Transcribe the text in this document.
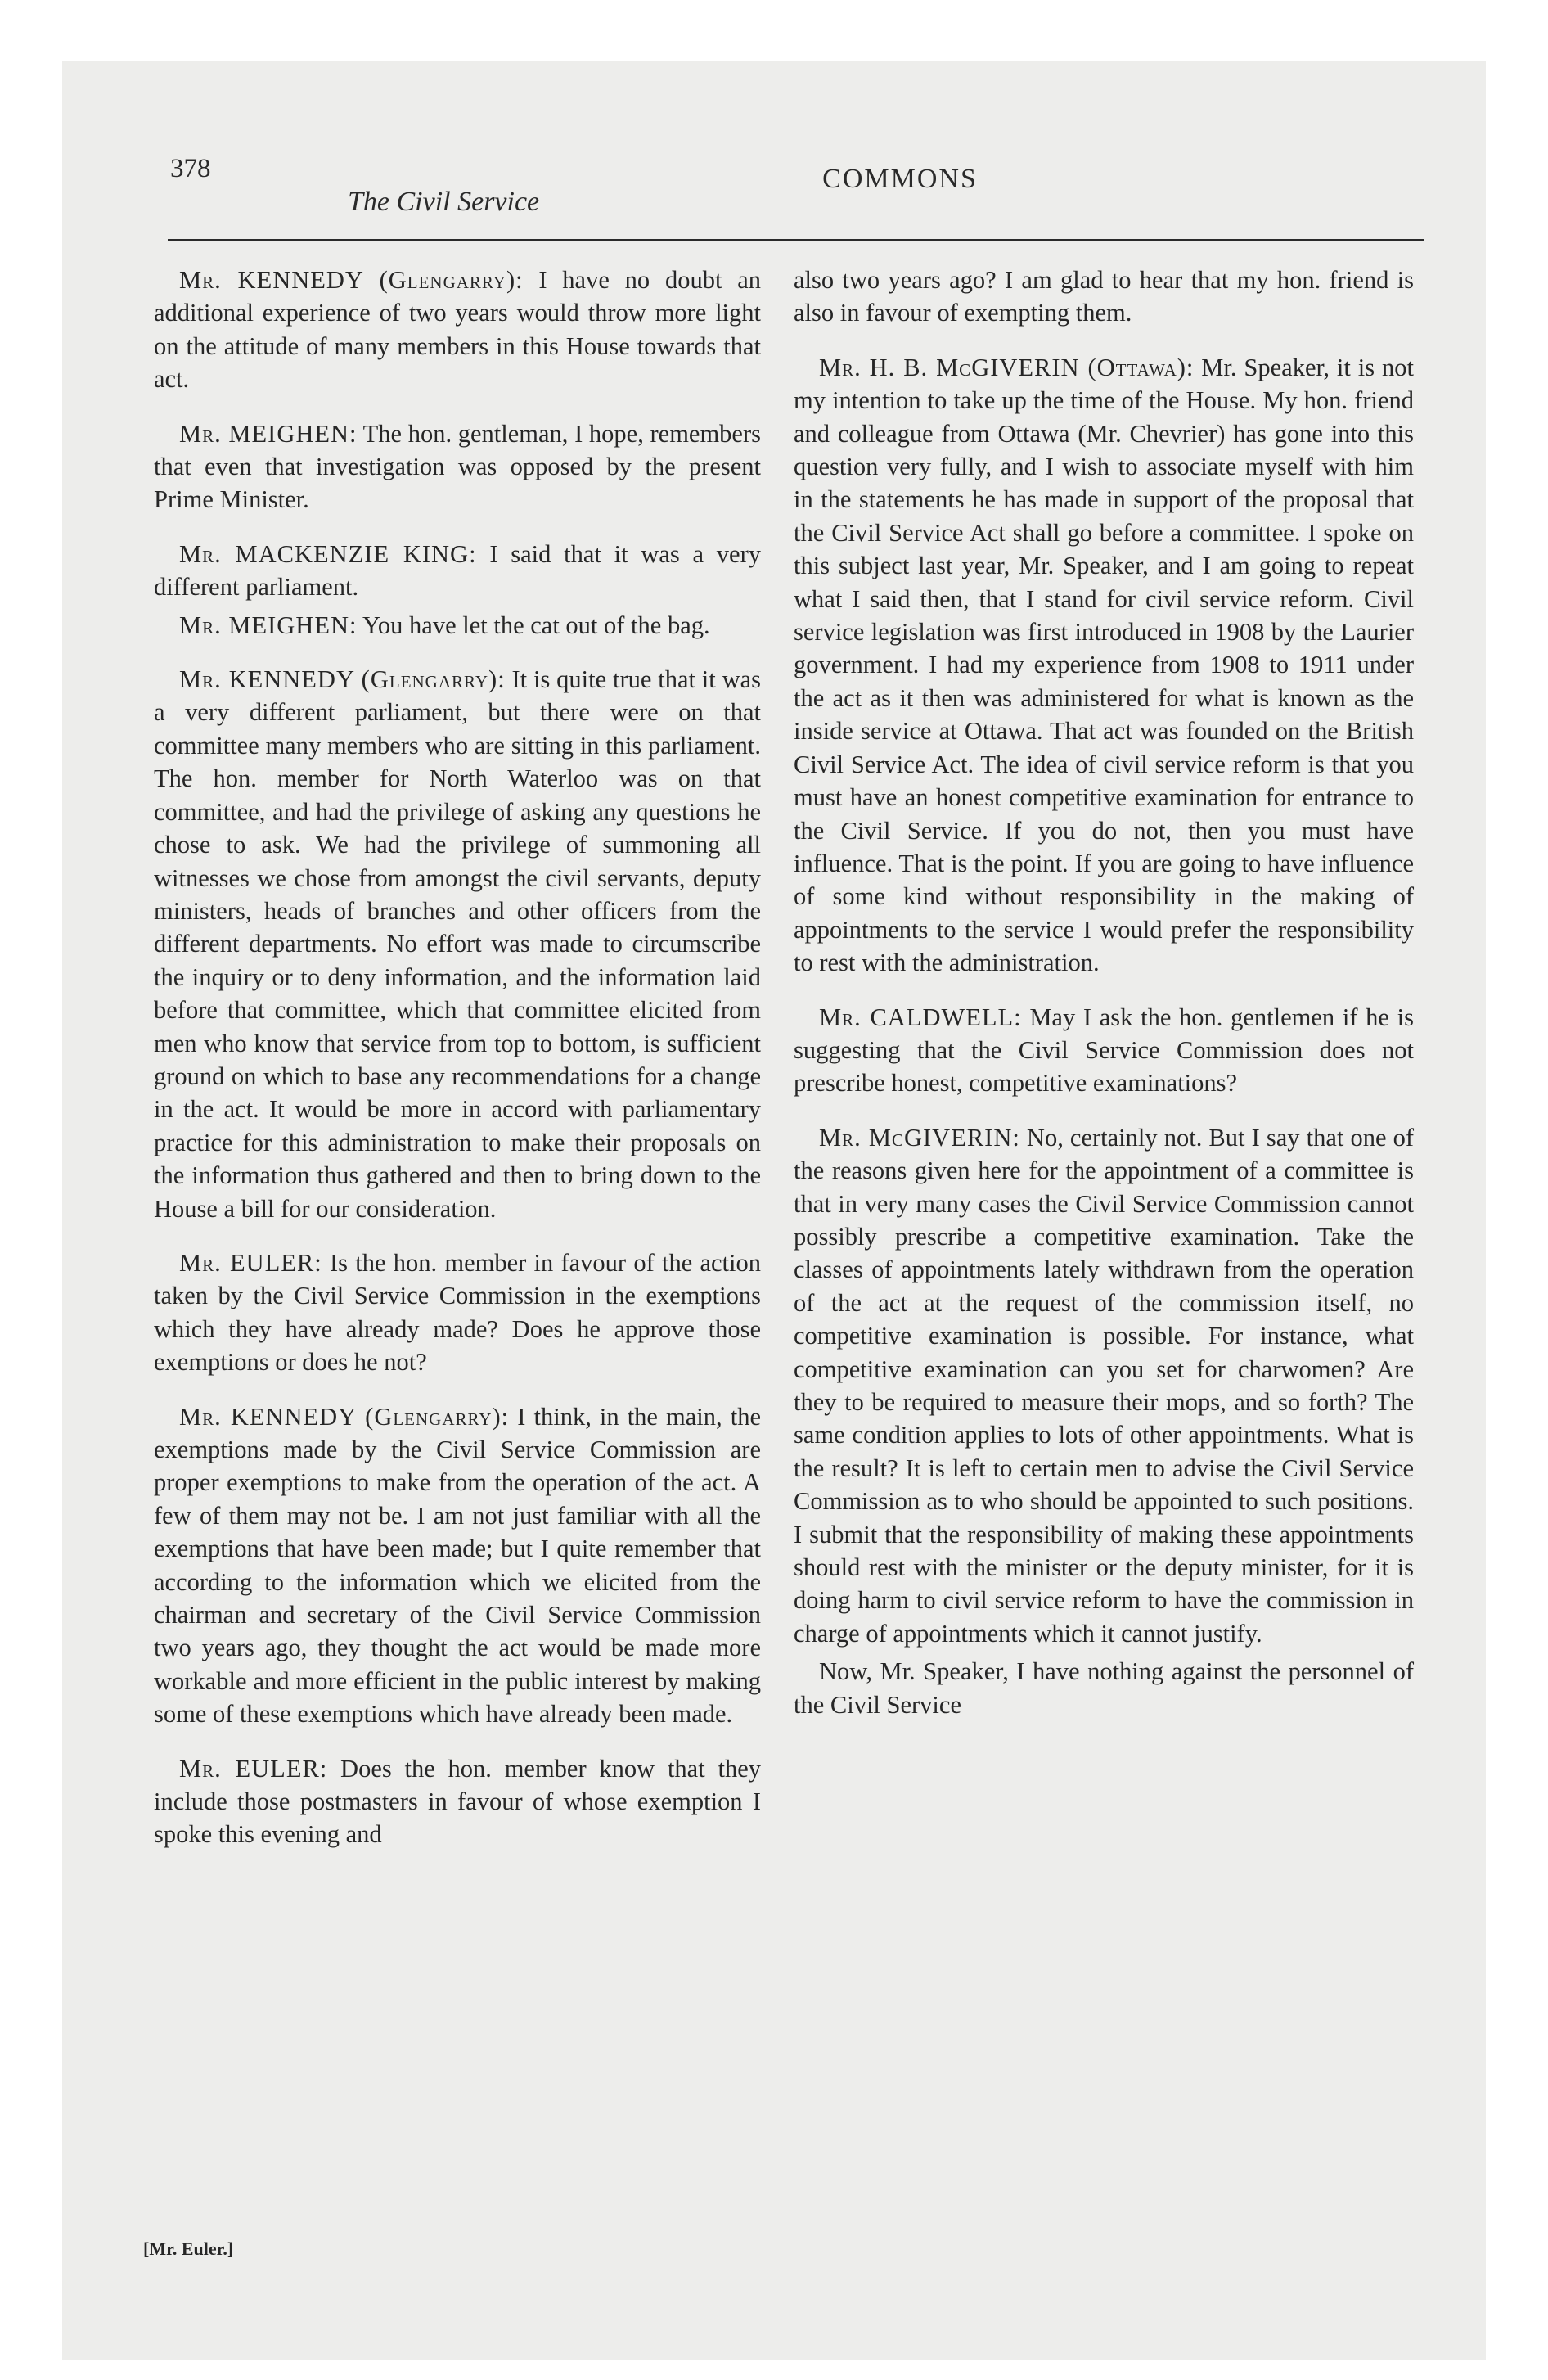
378	COMMONS
The Civil Service

Mr. KENNEDY (Glengarry): I have no doubt an additional experience of two years would throw more light on the attitude of many members in this House towards that act.

Mr. MEIGHEN: The hon. gentleman, I hope, remembers that even that investigation was opposed by the present Prime Minister.

Mr. MACKENZIE KING: I said that it was a very different parliament.

Mr. MEIGHEN: You have let the cat out of the bag.

Mr. KENNEDY (Glengarry): It is quite true that it was a very different parliament, but there were on that committee many members who are sitting in this parliament. The hon. member for North Waterloo was on that committee, and had the privilege of asking any questions he chose to ask. We had the privilege of summoning all witnesses we chose from amongst the civil servants, deputy ministers, heads of branches and other officers from the different departments. No effort was made to circumscribe the inquiry or to deny information, and the information laid before that committee, which that committee elicited from men who know that service from top to bottom, is sufficient ground on which to base any recommendations for a change in the act. It would be more in accord with parliamentary practice for this administration to make their proposals on the information thus gathered and then to bring down to the House a bill for our consideration.

Mr. EULER: Is the hon. member in favour of the action taken by the Civil Service Commission in the exemptions which they have already made? Does he approve those exemptions or does he not?

Mr. KENNEDY (Glengarry): I think, in the main, the exemptions made by the Civil Service Commission are proper exemptions to make from the operation of the act. A few of them may not be. I am not just familiar with all the exemptions that have been made; but I quite remember that according to the information which we elicited from the chairman and secretary of the Civil Service Commission two years ago, they thought the act would be made more workable and more efficient in the public interest by making some of these exemptions which have already been made.

Mr. EULER: Does the hon. member know that they include those postmasters in favour of whose exemption I spoke this evening and

also two years ago? I am glad to hear that my hon. friend is also in favour of exempting them.

Mr. H. B. McGIVERIN (Ottawa): Mr. Speaker, it is not my intention to take up the time of the House. My hon. friend and colleague from Ottawa (Mr. Chevrier) has gone into this question very fully, and I wish to associate myself with him in the statements he has made in support of the proposal that the Civil Service Act shall go before a committee. I spoke on this subject last year, Mr. Speaker, and I am going to repeat what I said then, that I stand for civil service reform. Civil service legislation was first introduced in 1908 by the Laurier government. I had my experience from 1908 to 1911 under the act as it then was administered for what is known as the inside service at Ottawa. That act was founded on the British Civil Service Act. The idea of civil service reform is that you must have an honest competitive examination for entrance to the Civil Service. If you do not, then you must have influence. That is the point. If you are going to have influence of some kind without responsibility in the making of appointments to the service I would prefer the responsibility to rest with the administration.

Mr. CALDWELL: May I ask the hon. gentlemen if he is suggesting that the Civil Service Commission does not prescribe honest, competitive examinations?

Mr. McGIVERIN: No, certainly not. But I say that one of the reasons given here for the appointment of a committee is that in very many cases the Civil Service Commission cannot possibly prescribe a competitive examination. Take the classes of appointments lately withdrawn from the operation of the act at the request of the commission itself, no competitive examination is possible. For instance, what competitive examination can you set for charwomen? Are they to be required to measure their mops, and so forth? The same condition applies to lots of other appointments. What is the result? It is left to certain men to advise the Civil Service Commission as to who should be appointed to such positions. I submit that the responsibility of making these appointments should rest with the minister or the deputy minister, for it is doing harm to civil service reform to have the commission in charge of appointments which it cannot justify.

Now, Mr. Speaker, I have nothing against the personnel of the Civil Service

[Mr. Euler.]
